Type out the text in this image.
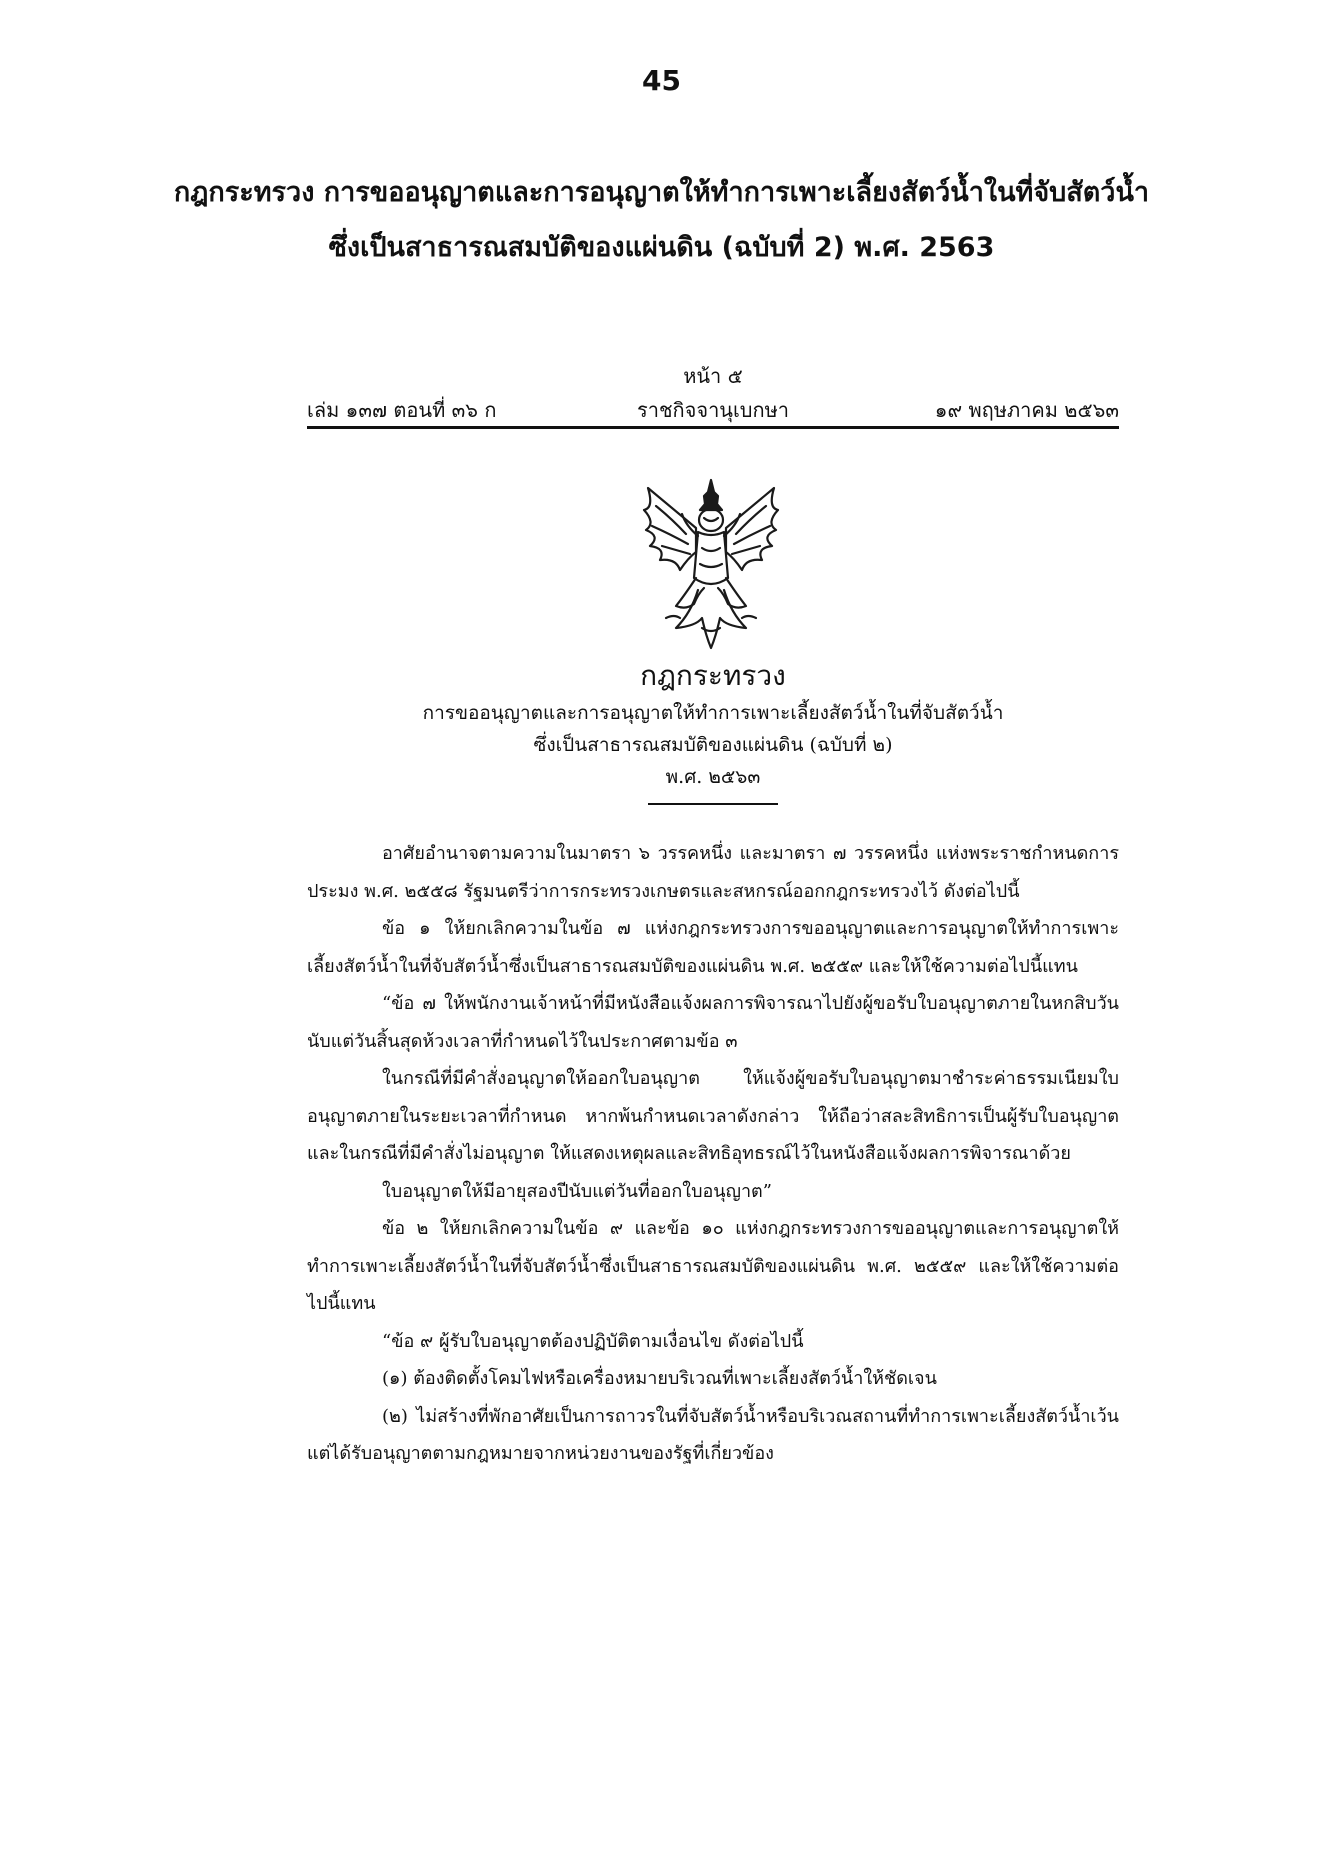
45
กฎกระทรวง การขออนุญาตและการอนุญาตให้ทำการเพาะเลี้ยงสัตว์น้ำในที่จับสัตว์น้ำ
ซึ่งเป็นสาธารณสมบัติของแผ่นดิน (ฉบับที่ 2) พ.ศ. 2563
หน้า ๕
เล่ม ๑๓๗ ตอนที่ ๓๖ ก	ราชกิจจานุเบกษา	๑๙ พฤษภาคม ๒๕๖๓
กฎกระทรวง
การขออนุญาตและการอนุญาตให้ทำการเพาะเลี้ยงสัตว์น้ำในที่จับสัตว์น้ำ
ซึ่งเป็นสาธารณสมบัติของแผ่นดิน (ฉบับที่ ๒)
พ.ศ. ๒๕๖๓

อาศัยอำนาจตามความในมาตรา ๖ วรรคหนึ่ง และมาตรา ๗ วรรคหนึ่ง แห่งพระราชกำหนดการประมง พ.ศ. ๒๕๕๘ รัฐมนตรีว่าการกระทรวงเกษตรและสหกรณ์ออกกฎกระทรวงไว้ ดังต่อไปนี้

ข้อ ๑ ให้ยกเลิกความในข้อ ๗ แห่งกฎกระทรวงการขออนุญาตและการอนุญาตให้ทำการเพาะเลี้ยงสัตว์น้ำในที่จับสัตว์น้ำซึ่งเป็นสาธารณสมบัติของแผ่นดิน พ.ศ. ๒๕๕๙ และให้ใช้ความต่อไปนี้แทน

“ข้อ ๗ ให้พนักงานเจ้าหน้าที่มีหนังสือแจ้งผลการพิจารณาไปยังผู้ขอรับใบอนุญาตภายในหกสิบวันนับแต่วันสิ้นสุดห้วงเวลาที่กำหนดไว้ในประกาศตามข้อ ๓

ในกรณีที่มีคำสั่งอนุญาตให้ออกใบอนุญาต ให้แจ้งผู้ขอรับใบอนุญาตมาชำระค่าธรรมเนียมใบอนุญาตภายในระยะเวลาที่กำหนด หากพ้นกำหนดเวลาดังกล่าว ให้ถือว่าสละสิทธิการเป็นผู้รับใบอนุญาต และในกรณีที่มีคำสั่งไม่อนุญาต ให้แสดงเหตุผลและสิทธิอุทธรณ์ไว้ในหนังสือแจ้งผลการพิจารณาด้วย

ใบอนุญาตให้มีอายุสองปีนับแต่วันที่ออกใบอนุญาต”

ข้อ ๒ ให้ยกเลิกความในข้อ ๙ และข้อ ๑๐ แห่งกฎกระทรวงการขออนุญาตและการอนุญาตให้ทำการเพาะเลี้ยงสัตว์น้ำในที่จับสัตว์น้ำซึ่งเป็นสาธารณสมบัติของแผ่นดิน พ.ศ. ๒๕๕๙ และให้ใช้ความต่อไปนี้แทน

“ข้อ ๙ ผู้รับใบอนุญาตต้องปฏิบัติตามเงื่อนไข ดังต่อไปนี้

(๑) ต้องติดตั้งโคมไฟหรือเครื่องหมายบริเวณที่เพาะเลี้ยงสัตว์น้ำให้ชัดเจน

(๒) ไม่สร้างที่พักอาศัยเป็นการถาวรในที่จับสัตว์น้ำหรือบริเวณสถานที่ทำการเพาะเลี้ยงสัตว์น้ำเว้นแต่ได้รับอนุญาตตามกฎหมายจากหน่วยงานของรัฐที่เกี่ยวข้อง
